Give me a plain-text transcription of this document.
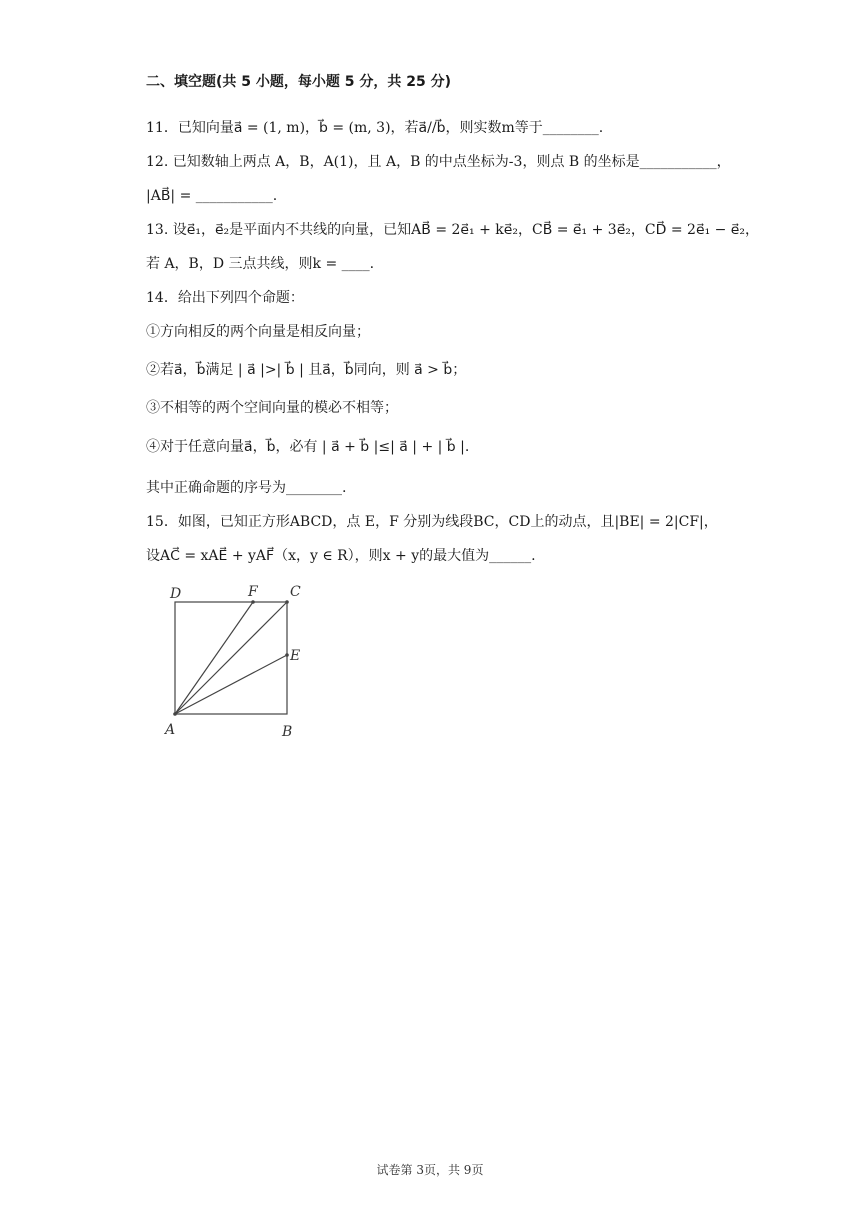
二、填空题(共 5 小题，每小题 5 分，共 25 分)
11．已知向量a⃗ = (1, m)，b⃗ = (m, 3)，若a⃗//b⃗，则实数m等于________.
12. 已知数轴上两点 A，B，A(1)，且 A，B 的中点坐标为-3，则点 B 的坐标是___________，
|AB⃗| = ___________.
13. 设e⃗₁，e⃗₂是平面内不共线的向量，已知AB⃗ = 2e⃗₁ + ke⃗₂，CB⃗ = e⃗₁ + 3e⃗₂，CD⃗ = 2e⃗₁ − e⃗₂，
若 A，B，D 三点共线，则k = ____.
14．给出下列四个命题：
①方向相反的两个向量是相反向量；
②若a⃗，b⃗满足 | a⃗ |>| b⃗ | 且a⃗，b⃗同向，则 a⃗ > b⃗；
③不相等的两个空间向量的模必不相等；
④对于任意向量a⃗，b⃗，必有 | a⃗ + b⃗ |≤| a⃗ | + | b⃗ |.
其中正确命题的序号为________.
15．如图，已知正方形ABCD，点 E，F 分别为线段BC，CD上的动点，且|BE| = 2|CF|，
设AC⃗ = xAE⃗ + yAF⃗（x，y ∈ R），则x + y的最大值为______.
D	F C
E
A	B
试卷第 3页，共 9页
